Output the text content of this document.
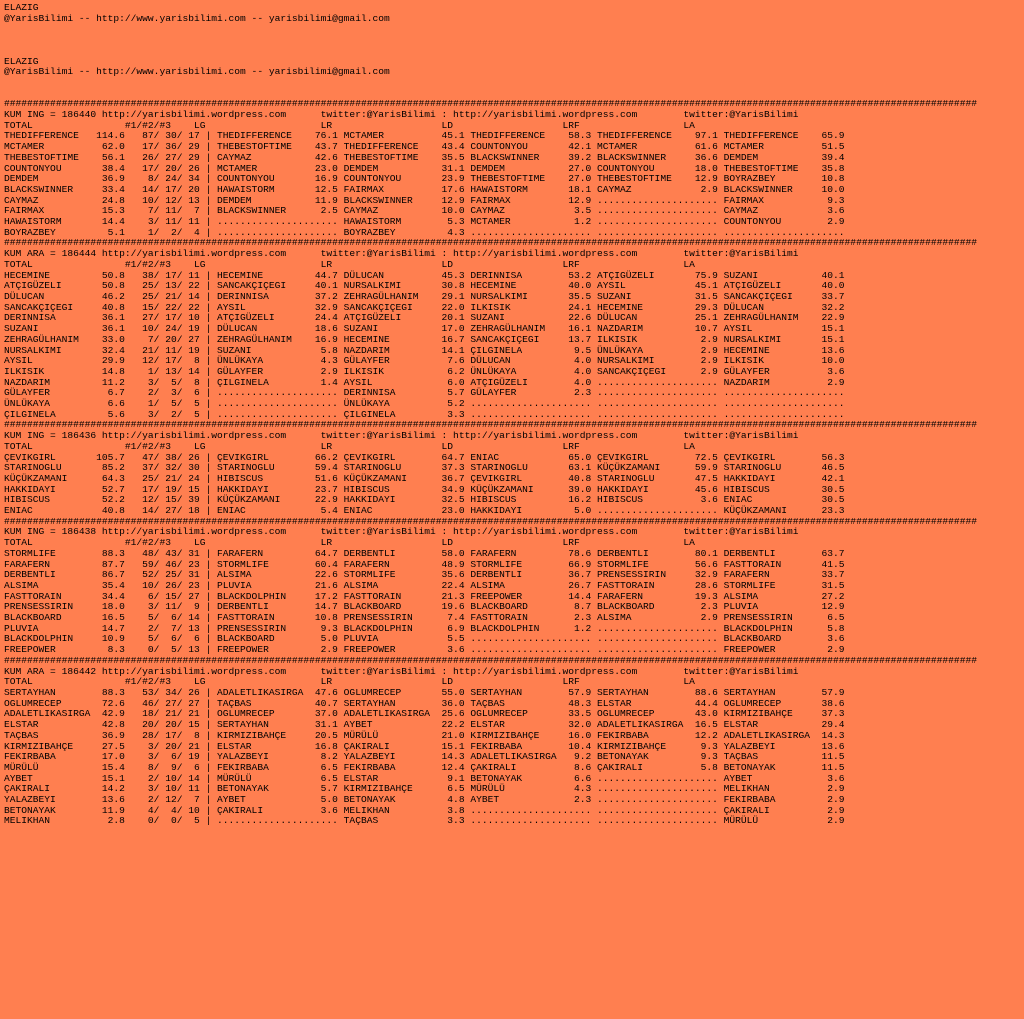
ELAZIG
@YarisBilimi -- http://www.yarisbilimi.com -- yarisbilimi@gmail.com

ELAZIG
@YarisBilimi -- http://www.yarisbilimi.com -- yarisbilimi@gmail.com

#########################################################################################################################################################################
KUM ING = 186440 http://yarisbilimi.wordpress.com      twitter:@YarisBilimi : http://yarisbilimi.wordpress.com        twitter:@YarisBilimi
TOTAL                #1/#2/#3    LG                    LR                   LD                   LRF                  LA
THEDIFFERENCE   114.6   87/ 30/ 17 | THEDIFFERENCE    76.1 MCTAMER          45.1 THEDIFFERENCE    58.3 THEDIFFERENCE    97.1 THEDIFFERENCE    65.9
MCTAMER          62.0   17/ 36/ 29 | THEBESTOFTIME    43.7 THEDIFFERENCE    43.4 COUNTONYOU       42.1 MCTAMER          61.6 MCTAMER          51.5
THEBESTOFTIME    56.1   26/ 27/ 29 | CAYMAZ           42.6 THEBESTOFTIME    35.5 BLACKSWINNER     39.2 BLACKSWINNER     36.6 DEMDEM           39.4
COUNTONYOU       38.4   17/ 20/ 26 | MCTAMER          23.0 DEMDEM           31.1 DEMDEM           27.0 COUNTONYOU       18.0 THEBESTOFTIME    35.8
DEMDEM           36.9    8/ 24/ 34 | COUNTONYOU       16.9 COUNTONYOU       23.9 THEBESTOFTIME    27.0 THEBESTOFTIME    12.9 BOYRAZBEY        10.8
BLACKSWINNER     33.4   14/ 17/ 20 | HAWAISTORM       12.5 FAIRMAX          17.6 HAWAISTORM       18.1 CAYMAZ            2.9 BLACKSWINNER     10.0
CAYMAZ           24.8   10/ 12/ 13 | DEMDEM           11.9 BLACKSWINNER     12.9 FAIRMAX          12.9 ..................... FAIRMAX           9.3
FAIRMAX          15.3    7/ 11/  7 | BLACKSWINNER      2.5 CAYMAZ           10.0 CAYMAZ            3.5 ..................... CAYMAZ            3.6
HAWAISTORM       14.4    3/ 11/ 11 | ..................... HAWAISTORM        5.3 MCTAMER           1.2 ..................... COUNTONYOU        2.9
BOYRAZBEY         5.1    1/  2/  4 | ..................... BOYRAZBEY         4.3 ..................... ..................... .....................
#########################################################################################################################################################################
KUM ARA = 186444 http://yarisbilimi.wordpress.com      twitter:@YarisBilimi : http://yarisbilimi.wordpress.com        twitter:@YarisBilimi
TOTAL                #1/#2/#3    LG                    LR                   LD                   LRF                  LA
HECEMINE         50.8   38/ 17/ 11 | HECEMINE         44.7 DÜLUCAN          45.3 DERINNISA        53.2 ATÇIGÜZELI       75.9 SUZANI           40.1
ATÇIGÜZELI       50.8   25/ 13/ 22 | SANCAKÇIÇEGI     40.1 NURSALKIMI       30.8 HECEMINE         40.0 AYSIL            45.1 ATÇIGÜZELI       40.0
DÜLUCAN          46.2   25/ 21/ 14 | DERINNISA        37.2 ZEHRAGÜLHANIM    29.1 NURSALKIMI       35.5 SUZANI           31.5 SANCAKÇIÇEGI     33.7
SANCAKÇIÇEGI     40.8   15/ 22/ 22 | AYSIL            32.9 SANCAKÇIÇEGI     22.0 ILKISIK          24.1 HECEMINE         29.3 DÜLUCAN          32.2
DERINNISA        36.1   27/ 17/ 10 | ATÇIGÜZELI       24.4 ATÇIGÜZELI       20.1 SUZANI           22.6 DÜLUCAN          25.1 ZEHRAGÜLHANIM    22.9
SUZANI           36.1   10/ 24/ 19 | DÜLUCAN          18.6 SUZANI           17.0 ZEHRAGÜLHANIM    16.1 NAZDARIM         10.7 AYSIL            15.1
ZEHRAGÜLHANIM    33.0    7/ 20/ 27 | ZEHRAGÜLHANIM    16.9 HECEMINE         16.7 SANCAKÇIÇEGI     13.7 ILKISIK           2.9 NURSALKIMI       15.1
NURSALKIMI       32.4   21/ 11/ 19 | SUZANI            5.8 NAZDARIM         14.1 ÇILGINELA         9.5 ÜNLÜKAYA          2.9 HECEMINE         13.6
AYSIL            29.9   12/ 17/  8 | ÜNLÜKAYA          4.3 GÜLAYFER          7.6 DÜLUCAN           4.0 NURSALKIMI        2.9 ILKISIK          10.0
ILKISIK          14.8    1/ 13/ 14 | GÜLAYFER          2.9 ILKISIK           6.2 ÜNLÜKAYA          4.0 SANCAKÇIÇEGI      2.9 GÜLAYFER          3.6
NAZDARIM         11.2    3/  5/  8 | ÇILGINELA         1.4 AYSIL             6.0 ATÇIGÜZELI        4.0 ..................... NAZDARIM          2.9
GÜLAYFER          6.7    2/  3/  6 | ..................... DERINNISA         5.7 GÜLAYFER          2.3 ..................... .....................
ÜNLÜKAYA          6.6    1/  5/  5 | ..................... ÜNLÜKAYA          5.2 ..................... ..................... .....................
ÇILGINELA         5.6    3/  2/  5 | ..................... ÇILGINELA         3.3 ..................... ..................... .....................
#########################################################################################################################################################################
KUM ING = 186436 http://yarisbilimi.wordpress.com      twitter:@YarisBilimi : http://yarisbilimi.wordpress.com        twitter:@YarisBilimi
TOTAL                #1/#2/#3    LG                    LR                   LD                   LRF                  LA
ÇEVIKGIRL       105.7   47/ 38/ 26 | ÇEVIKGIRL        66.2 ÇEVIKGIRL        64.7 ENIAC            65.0 ÇEVIKGIRL        72.5 ÇEVIKGIRL        56.3
STARINOGLU       85.2   37/ 32/ 30 | STARINOGLU       59.4 STARINOGLU       37.3 STARINOGLU       63.1 KÜÇÜKZAMANI      59.9 STARINOGLU       46.5
KÜÇÜKZAMANI      64.3   25/ 21/ 24 | HIBISCUS         51.6 KÜÇÜKZAMANI      36.7 ÇEVIKGIRL        40.8 STARINOGLU       47.5 HAKKIDAYI        42.1
HAKKIDAYI        52.7   17/ 19/ 15 | HAKKIDAYI        23.7 HIBISCUS         34.9 KÜÇÜKZAMANI      39.0 HAKKIDAYI        45.6 HIBISCUS         30.5
HIBISCUS         52.2   12/ 15/ 39 | KÜÇÜKZAMANI      22.9 HAKKIDAYI        32.5 HIBISCUS         16.2 HIBISCUS          3.6 ENIAC            30.5
ENIAC            40.8   14/ 27/ 18 | ENIAC             5.4 ENIAC            23.0 HAKKIDAYI         5.0 ..................... KÜÇÜKZAMANI      23.3
#########################################################################################################################################################################
KUM ING = 186438 http://yarisbilimi.wordpress.com      twitter:@YarisBilimi : http://yarisbilimi.wordpress.com        twitter:@YarisBilimi
TOTAL                #1/#2/#3    LG                    LR                   LD                   LRF                  LA
STORMLIFE        88.3   48/ 43/ 31 | FARAFERN         64.7 DERBENTLI        58.0 FARAFERN         78.6 DERBENTLI        80.1 DERBENTLI        63.7
FARAFERN         87.7   59/ 46/ 23 | STORMLIFE        60.4 FARAFERN         48.9 STORMLIFE        66.9 STORMLIFE        56.6 FASTTORAIN       41.5
DERBENTLI        86.7   52/ 25/ 31 | ALSIMA           22.6 STORMLIFE        35.6 DERBENTLI        36.7 PRENSESSIRIN     32.9 FARAFERN         33.7
ALSIMA           35.4   10/ 26/ 23 | PLUVIA           21.6 ALSIMA           22.4 ALSIMA           26.7 FASTTORAIN       28.6 STORMLIFE        31.5
FASTTORAIN       34.4    6/ 15/ 27 | BLACKDOLPHIN     17.2 FASTTORAIN       21.3 FREEPOWER        14.4 FARAFERN         19.3 ALSIMA           27.2
PRENSESSIRIN     18.0    3/ 11/  9 | DERBENTLI        14.7 BLACKBOARD       19.6 BLACKBOARD        8.7 BLACKBOARD        2.3 PLUVIA           12.9
BLACKBOARD       16.5    5/  6/ 14 | FASTTORAIN       10.8 PRENSESSIRIN      7.4 FASTTORAIN        2.3 ALSIMA            2.9 PRENSESSIRIN      6.5
PLUVIA           14.7    2/  7/ 13 | PRENSESSIRIN      9.3 BLACKDOLPHIN      6.9 BLACKDOLPHIN      1.2 ..................... BLACKDOLPHIN      5.8
BLACKDOLPHIN     10.9    5/  6/  6 | BLACKBOARD        5.0 PLUVIA            5.5 ..................... ..................... BLACKBOARD        3.6
FREEPOWER         8.3    0/  5/ 13 | FREEPOWER         2.9 FREEPOWER         3.6 ..................... ..................... FREEPOWER         2.9
#########################################################################################################################################################################
KUM ARA = 186442 http://yarisbilimi.wordpress.com      twitter:@YarisBilimi : http://yarisbilimi.wordpress.com        twitter:@YarisBilimi
TOTAL                #1/#2/#3    LG                    LR                   LD                   LRF                  LA
SERTAYHAN        88.3   53/ 34/ 26 | ADALETLIKASIRGA  47.6 OGLUMRECEP       55.0 SERTAYHAN        57.9 SERTAYHAN        88.6 SERTAYHAN        57.9
OGLUMRECEP       72.6   46/ 27/ 27 | TAÇBAS           40.7 SERTAYHAN        36.0 TAÇBAS           48.3 ELSTAR           44.4 OGLUMRECEP       38.6
ADALETLIKASIRGA  42.9   18/ 21/ 21 | OGLUMRECEP       37.0 ADALETLIKASIRGA  25.6 OGLUMRECEP       33.5 OGLUMRECEP       43.0 KIRMIZIBAHÇE     37.3
ELSTAR           42.8   20/ 20/ 15 | SERTAYHAN        31.1 AYBET            22.2 ELSTAR           32.0 ADALETLIKASIRGA  16.5 ELSTAR           29.4
TAÇBAS           36.9   28/ 17/  8 | KIRMIZIBAHÇE     20.5 MÜRÜLÜ           21.0 KIRMIZIBAHÇE     16.0 FEKIRBABA        12.2 ADALETLIKASIRGA  14.3
KIRMIZIBAHÇE     27.5    3/ 20/ 21 | ELSTAR           16.8 ÇAKIRALI         15.1 FEKIRBABA        10.4 KIRMIZIBAHÇE      9.3 YALAZBEYI        13.6
FEKIRBABA        17.0    3/  6/ 19 | YALAZBEYI         8.2 YALAZBEYI        14.3 ADALETLIKASIRGA   9.2 BETONAYAK         9.3 TAÇBAS           11.5
MÜRÜLÜ           15.4    8/  9/  6 | FEKIRBABA         6.5 FEKIRBABA        12.4 ÇAKIRALI          8.6 ÇAKIRALI          5.8 BETONAYAK        11.5
AYBET            15.1    2/ 10/ 14 | MÜRÜLÜ            6.5 ELSTAR            9.1 BETONAYAK         6.6 ..................... AYBET             3.6
ÇAKIRALI         14.2    3/ 10/ 11 | BETONAYAK         5.7 KIRMIZIBAHÇE      6.5 MÜRÜLÜ            4.3 ..................... MELIKHAN          2.9
YALAZBEYI        13.6    2/ 12/  7 | AYBET             5.0 BETONAYAK         4.8 AYBET             2.3 ..................... FEKIRBABA         2.9
BETONAYAK        11.9    4/  4/ 10 | ÇAKIRALI          3.6 MELIKHAN          3.8 ..................... ..................... ÇAKIRALI          2.9
MELIKHAN          2.8    0/  0/  5 | ..................... TAÇBAS            3.3 ..................... ..................... MÜRÜLÜ            2.9
